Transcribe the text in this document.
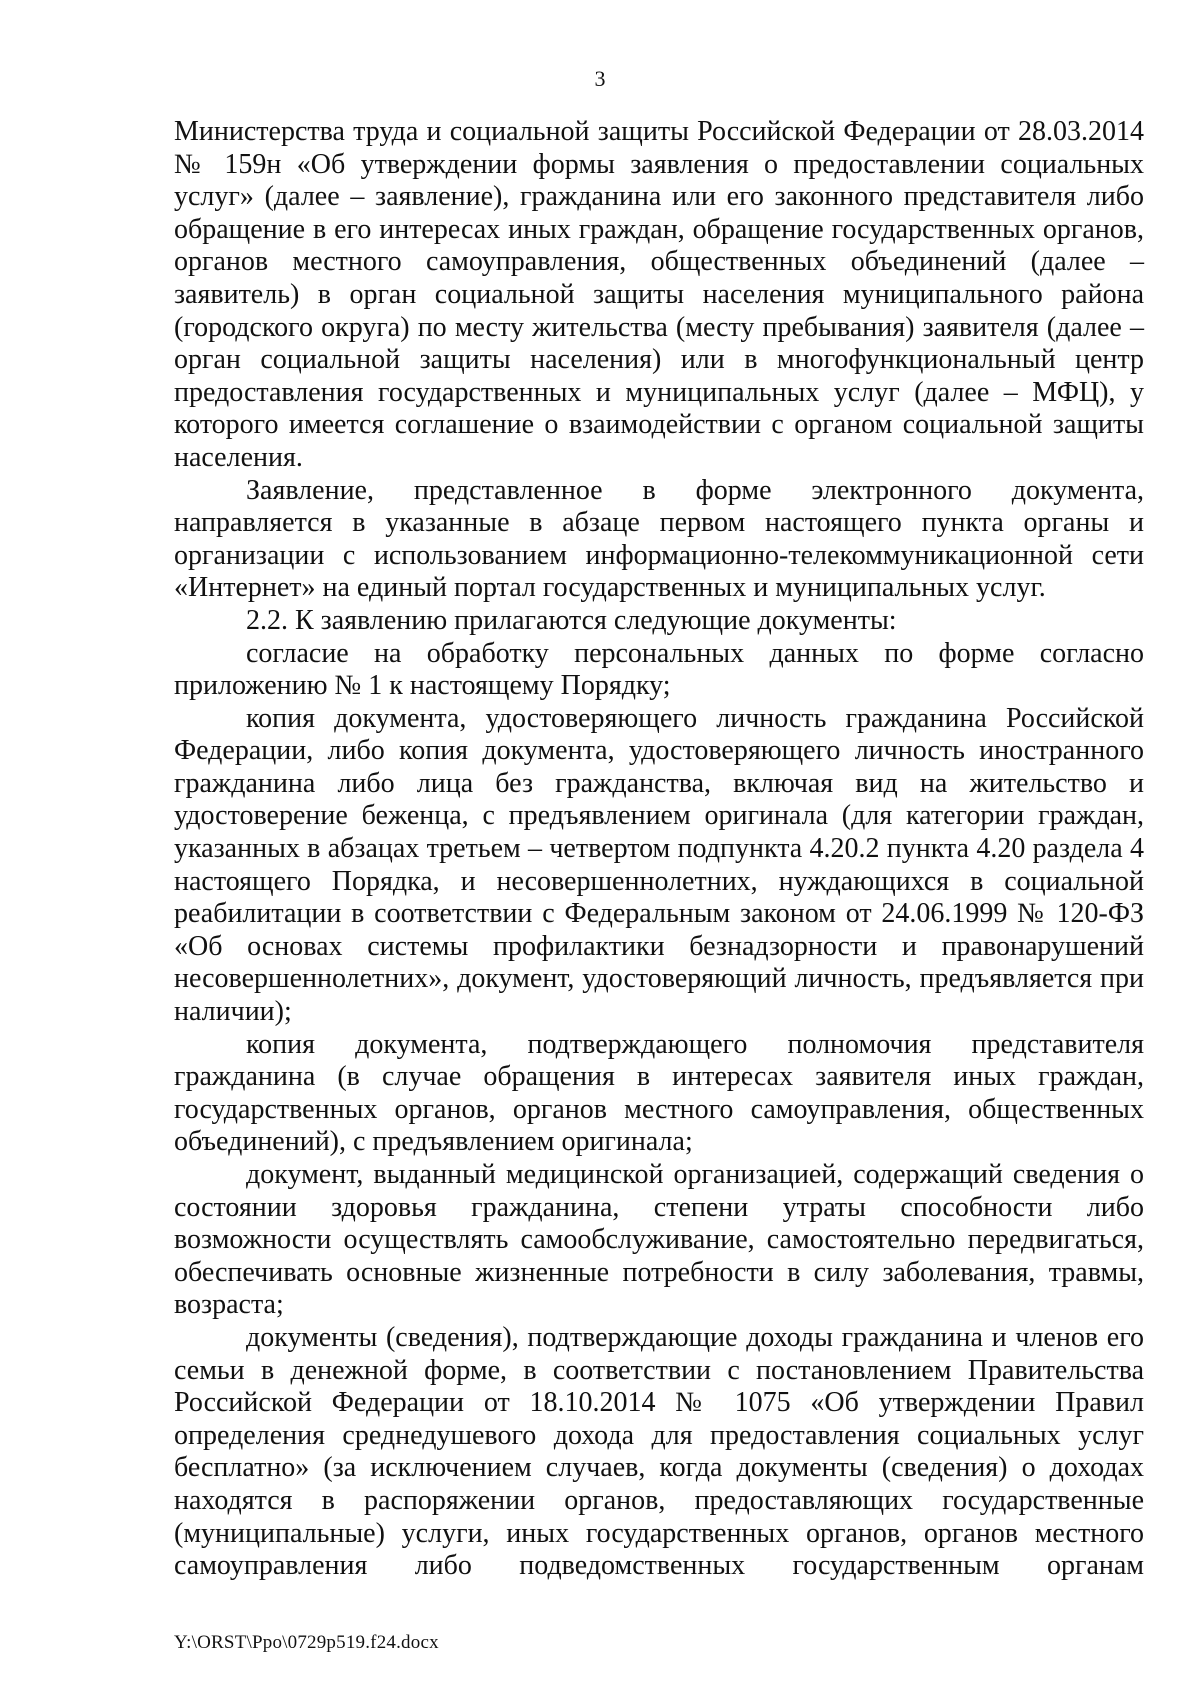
3

Министерства труда и социальной защиты Российской Федерации от 28.03.2014 № 159н «Об утверждении формы заявления о предоставлении социальных услуг» (далее – заявление), гражданина или его законного представителя либо обращение в его интересах иных граждан, обращение государственных органов, органов местного самоуправления, общественных объединений (далее – заявитель) в орган социальной защиты населения муниципального района (городского округа) по месту жительства (месту пребывания) заявителя (далее – орган социальной защиты населения) или в многофункциональный центр предоставления государственных и муниципальных услуг (далее – МФЦ), у которого имеется соглашение о взаимодействии с органом социальной защиты населения.

Заявление, представленное в форме электронного документа, направляется в указанные в абзаце первом настоящего пункта органы и организации с использованием информационно-телекоммуникационной сети «Интернет» на единый портал государственных и муниципальных услуг.

2.2. К заявлению прилагаются следующие документы:

согласие на обработку персональных данных по форме согласно приложению № 1 к настоящему Порядку;

копия документа, удостоверяющего личность гражданина Российской Федерации, либо копия документа, удостоверяющего личность иностранного гражданина либо лица без гражданства, включая вид на жительство и удостоверение беженца, с предъявлением оригинала (для категории граждан, указанных в абзацах третьем – четвертом подпункта 4.20.2 пункта 4.20 раздела 4 настоящего Порядка, и несовершеннолетних, нуждающихся в социальной реабилитации в соответствии с Федеральным законом от 24.06.1999 № 120-ФЗ «Об основах системы профилактики безнадзорности и правонарушений несовершеннолетних», документ, удостоверяющий личность, предъявляется при наличии);

копия документа, подтверждающего полномочия представителя гражданина (в случае обращения в интересах заявителя иных граждан, государственных органов, органов местного самоуправления, общественных объединений), с предъявлением оригинала;

документ, выданный медицинской организацией, содержащий сведения о состоянии здоровья гражданина, степени утраты способности либо возможности осуществлять самообслуживание, самостоятельно передвигаться, обеспечивать основные жизненные потребности в силу заболевания, травмы, возраста;

документы (сведения), подтверждающие доходы гражданина и членов его семьи в денежной форме, в соответствии с постановлением Правительства Российской Федерации от 18.10.2014 № 1075 «Об утверждении Правил определения среднедушевого дохода для предоставления социальных услуг бесплатно» (за исключением случаев, когда документы (сведения) о доходах находятся в распоряжении органов, предоставляющих государственные (муниципальные) услуги, иных государственных органов, органов местного самоуправления либо подведомственных государственным органам

Y:\ORST\Ppo\0729p519.f24.docx
